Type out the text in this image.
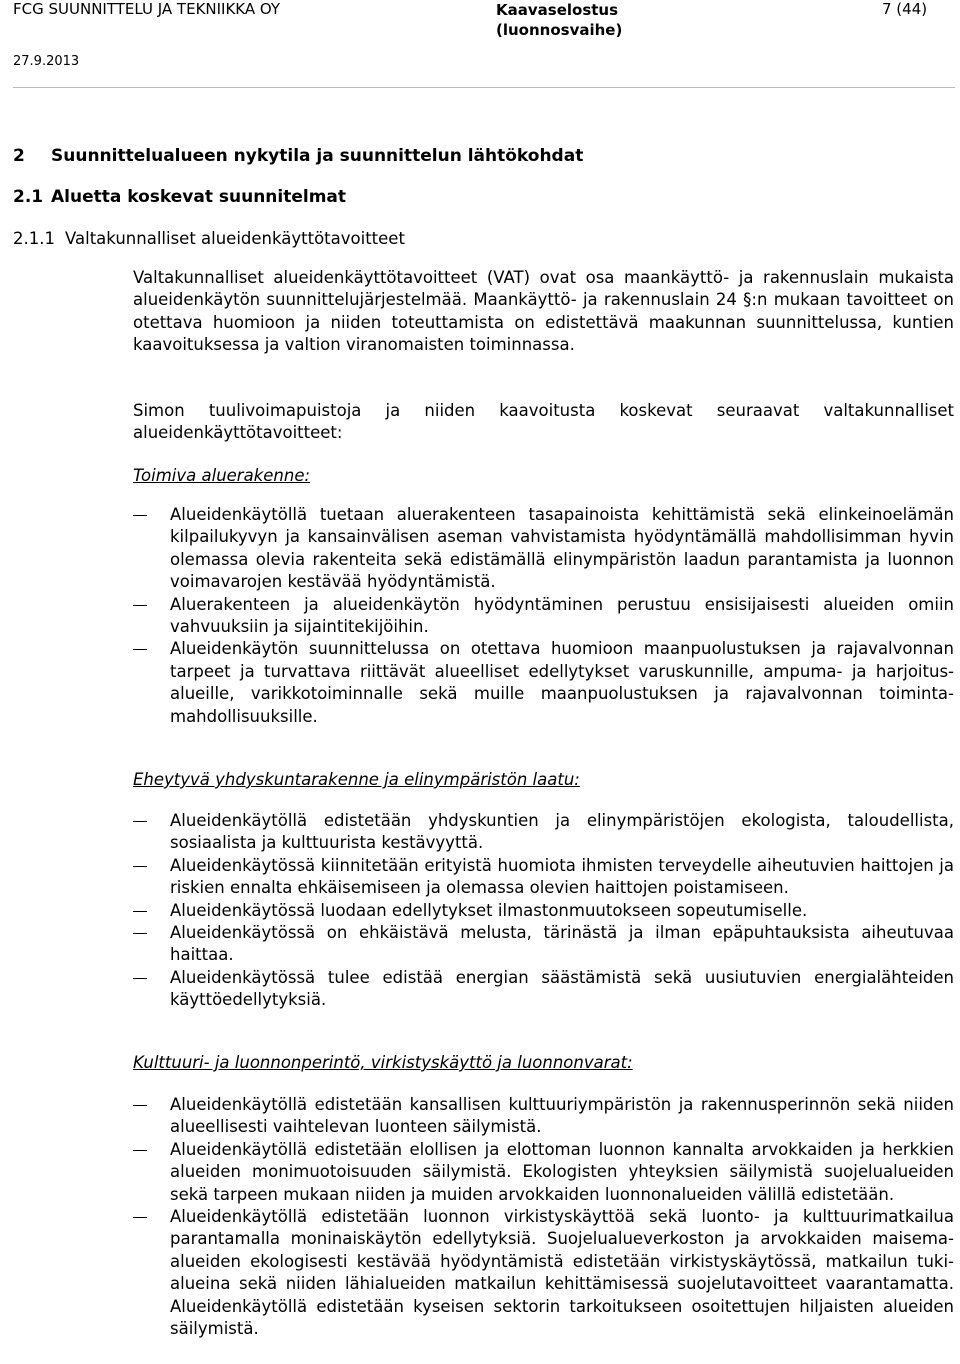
FCG SUUNNITTELU JA TEKNIIKKA OY	Kaavaselostus
(luonnosvaihe)
7 (44)
27.9.2013
2 Suunnittelualueen nykytila ja suunnittelun lähtökohdat
2.1 Aluetta koskevat suunnitelmat
2.1.1 Valtakunnalliset alueidenkäyttötavoitteet
Valtakunnalliset alueidenkäyttötavoitteet (VAT) ovat osa maankäyttö- ja rakennuslain mukaista alueidenkäytön suunnittelujärjestelmää. Maankäyttö- ja rakennuslain 24 §:n mukaan tavoitteet on otettava huomioon ja niiden toteuttamista on edistettävä maakunnan suunnittelussa, kuntien kaavoituksessa ja valtion viranomaisten toiminnassa.
Simon tuulivoimapuistoja ja niiden kaavoitusta koskevat seuraavat valtakunnalliset alueidenkäyttötavoitteet:
Toimiva aluerakenne:
Alueidenkäytöllä tuetaan aluerakenteen tasapainoista kehittämistä sekä elinkeinoelämän kilpailukyvyn ja kansainvälisen aseman vahvistamista hyödyntämällä mahdollisimman hyvin olemassa olevia rakenteita sekä edistämällä elinympäristön laadun parantamista ja luonnon voimavarojen kestävää hyödyntämistä.
Aluerakenteen ja alueidenkäytön hyödyntäminen perustuu ensisijaisesti alueiden omiin vahvuuksiin ja sijaintitekijöihin.
Alueidenkäytön suunnittelussa on otettava huomioon maanpuolustuksen ja rajavalvonnan tarpeet ja turvattava riittävät alueelliset edellytykset varuskunnille, ampuma- ja harjoitus-alueille, varikkotoiminnalle sekä muille maanpuolustuksen ja rajavalvonnan toiminta-mahdollisuuksille.
Eheytyvä yhdyskuntarakenne ja elinympäristön laatu:
Alueidenkäytöllä edistetään yhdyskuntien ja elinympäristöjen ekologista, taloudellista, sosiaalista ja kulttuurista kestävyyttä.
Alueidenkäytössä kiinnitetään erityistä huomiota ihmisten terveydelle aiheutuvien haittojen ja riskien ennalta ehkäisemiseen ja olemassa olevien haittojen poistamiseen.
Alueidenkäytössä luodaan edellytykset ilmastonmuutokseen sopeutumiselle.
Alueidenkäytössä on ehkäistävä melusta, tärinästä ja ilman epäpuhtauksista aiheutuvaa haittaa.
Alueidenkäytössä tulee edistää energian säästämistä sekä uusiutuvien energialähteiden käyttöedellytyksiä.
Kulttuuri- ja luonnonperintö, virkistyskäyttö ja luonnonvarat:
Alueidenkäytöllä edistetään kansallisen kulttuuriympäristön ja rakennusperinnön sekä niiden alueellisesti vaihtelevan luonteen säilymistä.
Alueidenkäytöllä edistetään elollisen ja elottoman luonnon kannalta arvokkaiden ja herkkien alueiden monimuotoisuuden säilymistä. Ekologisten yhteyksien säilymistä suojelualueiden sekä tarpeen mukaan niiden ja muiden arvokkaiden luonnonalueiden välillä edistetään.
Alueidenkäytöllä edistetään luonnon virkistyskäyttöä sekä luonto- ja kulttuurimatkailua parantamalla moninaiskäytön edellytyksiä. Suojelualueverkoston ja arvokkaiden maisema-alueiden ekologisesti kestävää hyödyntämistä edistetään virkistyskäytössä, matkailun tuki-alueina sekä niiden lähialueiden matkailun kehittämisessä suojelutavoitteet vaarantamatta. Alueidenkäytöllä edistetään kyseisen sektorin tarkoitukseen osoitettujen hiljaisten alueiden säilymistä.
